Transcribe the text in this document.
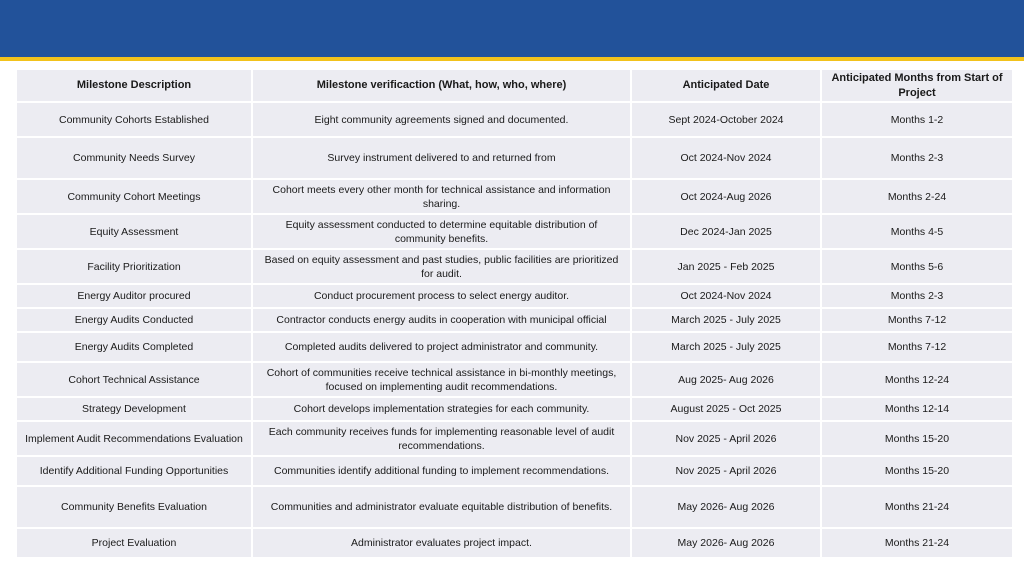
Milestone Description	Milestone verificaction (What, how, who, where)	Anticipated Date	Anticipated Months from Start of Project
Community Cohorts Established	Eight community agreements signed and documented.	Sept 2024-October 2024	Months 1-2
Community Needs Survey	Survey instrument delivered to and returned from	Oct 2024-Nov 2024	Months 2-3
Community Cohort Meetings	Cohort meets every other month for technical assistance and information sharing.	Oct 2024-Aug 2026	Months 2-24
Equity Assessment	Equity assessment conducted to determine equitable distribution of community benefits.	Dec 2024-Jan 2025	Months 4-5
Facility Prioritization	Based on equity assessment and past studies, public facilities are prioritized for audit.	Jan 2025 - Feb 2025	Months 5-6
Energy Auditor procured	Conduct procurement process to select energy auditor.	Oct 2024-Nov 2024	Months 2-3
Energy Audits Conducted	Contractor conducts energy audits in cooperation with municipal official	March 2025 - July 2025	Months 7-12
Energy Audits Completed	Completed audits delivered to project administrator and community.	March 2025 - July 2025	Months 7-12
Cohort Technical Assistance	Cohort of communities receive technical assistance in bi-monthly meetings, focused on implementing audit recommendations.	Aug 2025- Aug 2026	Months 12-24
Strategy Development	Cohort develops implementation strategies for each community.	August 2025 - Oct 2025	Months 12-14
Implement Audit Recommendations Evaluation	Each community receives funds for implementing reasonable level of audit recommendations.	Nov 2025 - April 2026	Months 15-20
Identify Additional Funding Opportunities	Communities identify additional funding to implement recommendations.	Nov 2025 - April 2026	Months 15-20
Community Benefits Evaluation	Communities and administrator evaluate equitable distribution of benefits.	May 2026- Aug 2026	Months 21-24
Project Evaluation	Administrator evaluates project impact.	May 2026- Aug 2026	Months 21-24
